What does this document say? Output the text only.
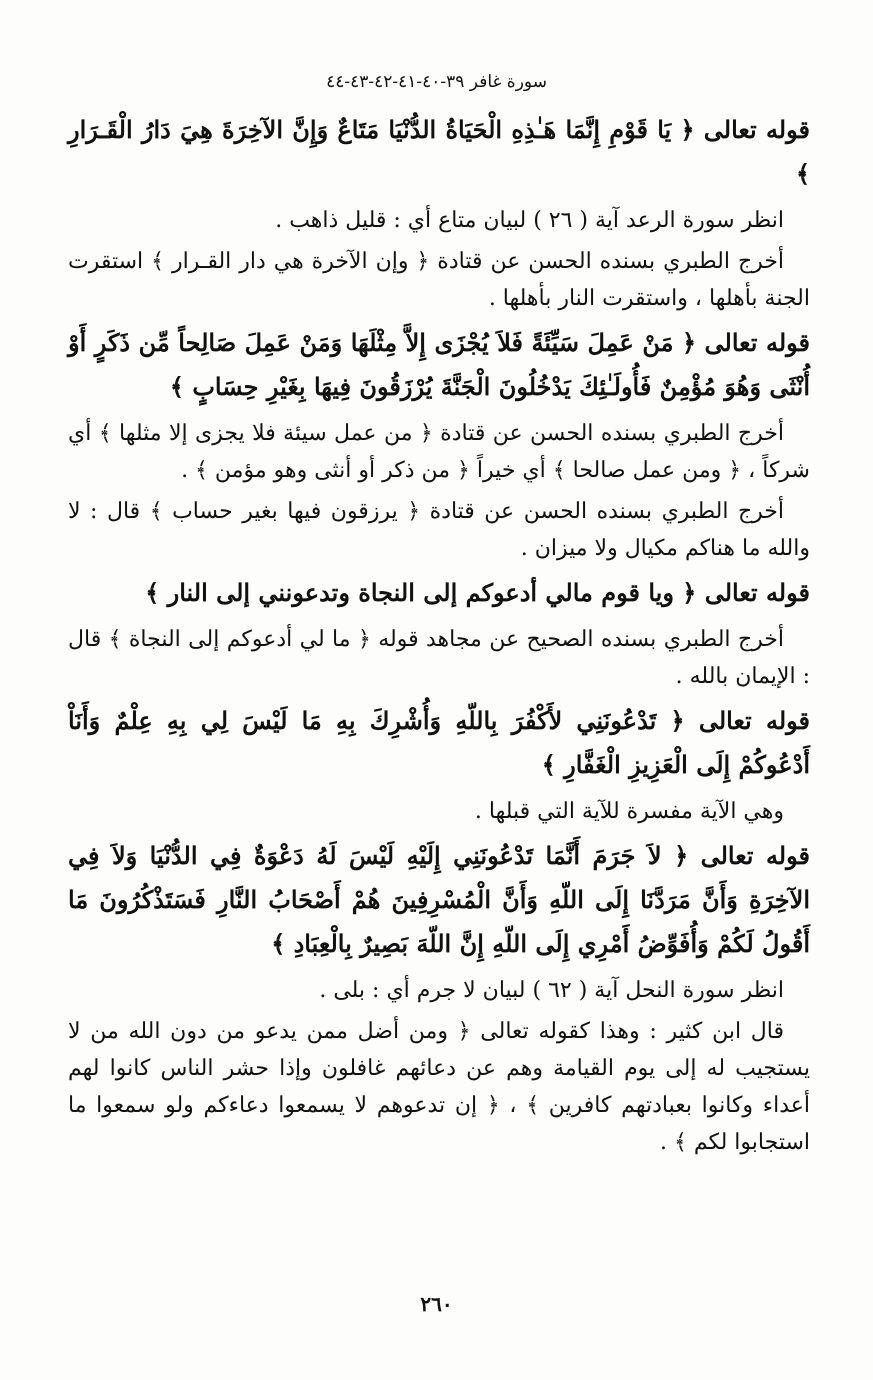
سورة غافر ٣٩-٤٠-٤١-٤٢-٤٣-٤٤
قوله تعالى ﴿ يَا قَوْمِ إِنَّمَا هَـٰذِهِ الْحَيَاةُ الدُّنْيَا مَتَاعٌ وَإِنَّ الآخِرَةَ هِيَ دَارُ الْقَـرَارِ ﴾
انظر سورة الرعد آية ( ٢٦ ) لبيان متاع أي : قليل ذاهب .
أخرج الطبري بسنده الحسن عن قتادة ﴿ وإن الآخرة هي دار القـرار ﴾ استقرت الجنة بأهلها ، واستقرت النار بأهلها .
قوله تعالى ﴿ مَنْ عَمِلَ سَيِّئَةً فَلاَ يُجْزَى إِلاَّ مِثْلَهَا وَمَنْ عَمِلَ صَالِحاً مِّن ذَكَرٍ أَوْ أُنْثَى وَهُوَ مُؤْمِنٌ فَأُولَـٰئِكَ يَدْخُلُونَ الْجَنَّةَ يُرْزَقُونَ فِيهَا بِغَيْرِ حِسَابٍ ﴾
أخرج الطبري بسنده الحسن عن قتادة ﴿ من عمل سيئة فلا يجزى إلا مثلها ﴾ أي شركاً ، ﴿ ومن عمل صالحا ﴾ أي خيراً ﴿ من ذكر أو أنثى وهو مؤمن ﴾ .
أخرج الطبري بسنده الحسن عن قتادة ﴿ يرزقون فيها بغير حساب ﴾ قال : لا والله ما هناكم مكيال ولا ميزان .
قوله تعالى ﴿ ويا قوم مالي أدعوكم إلى النجاة وتدعونني إلى النار ﴾
أخرج الطبري بسنده الصحيح عن مجاهد قوله ﴿ ما لي أدعوكم إلى النجاة ﴾ قال : الإيمان بالله .
قوله تعالى ﴿ تَدْعُونَنِي لأَكْفُرَ بِاللّهِ وَأُشْرِكَ بِهِ مَا لَيْسَ لِي بِهِ عِلْمٌ وَأَنَاْ أَدْعُوكُمْ إِلَى الْعَزِيزِ الْغَفَّارِ ﴾
وهي الآية مفسرة للآية التي قبلها .
قوله تعالى ﴿ لاَ جَرَمَ أَنَّمَا تَدْعُونَنِي إِلَيْهِ لَيْسَ لَهُ دَعْوَةٌ فِي الدُّنْيَا وَلاَ فِي الآخِرَةِ وَأَنَّ مَرَدَّنَا إِلَى اللّهِ وَأَنَّ الْمُسْرِفِينَ هُمْ أَصْحَابُ النَّارِ فَسَتَذْكُرُونَ مَا أَقُولُ لَكُمْ وَأُفَوِّضُ أَمْرِي إِلَى اللّهِ إِنَّ اللّهَ بَصِيرٌ بِالْعِبَادِ ﴾
انظر سورة النحل آية ( ٦٢ ) لبيان لا جرم أي : بلى .
قال ابن كثير : وهذا كقوله تعالى ﴿ ومن أضل ممن يدعو من دون الله من لا يستجيب له إلى يوم القيامة وهم عن دعائهم غافلون وإذا حشر الناس كانوا لهم أعداء وكانوا بعبادتهم كافرين ﴾ ، ﴿ إن تدعوهم لا يسمعوا دعاءكم ولو سمعوا ما استجابوا لكم ﴾ .
٢٦٠
